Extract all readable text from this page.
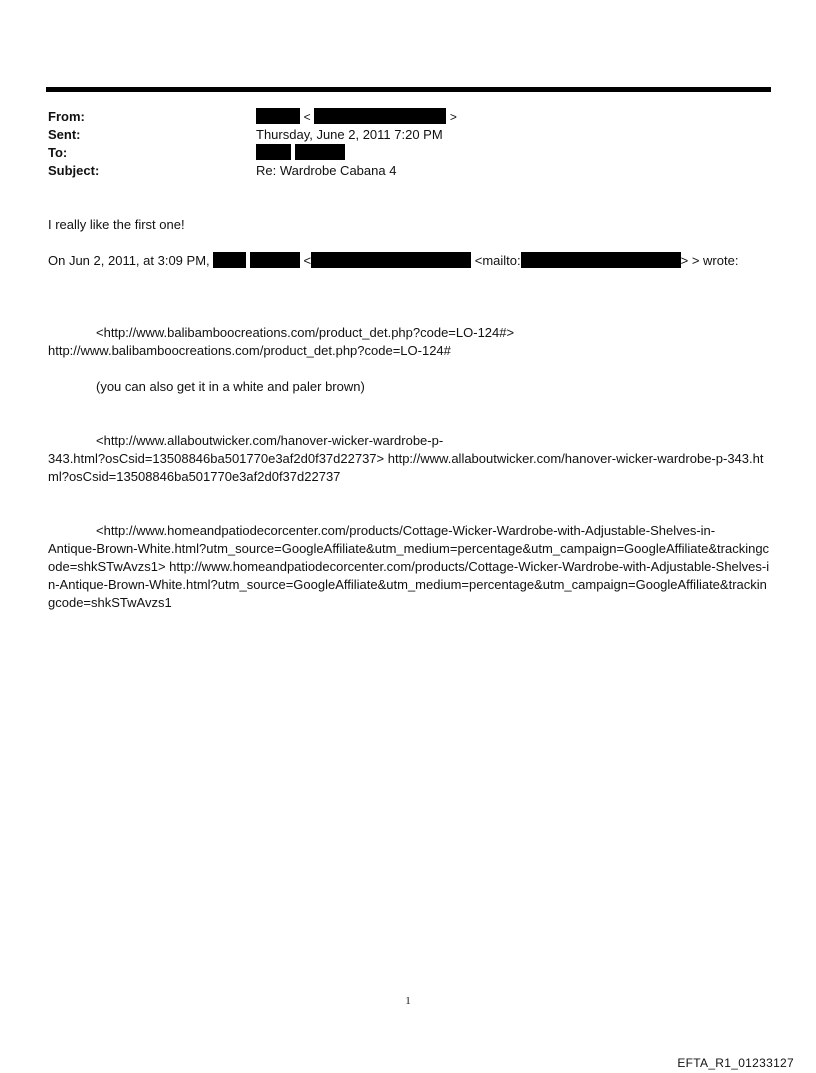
From:	<	>
Sent:	Thursday, June 2, 2011 7:20 PM
To:

Subject:	Re: Wardrobe Cabana 4
I really like the first one!
On Jun 2, 2011, at 3:09 PM,	<	<mailto:	> > wrote:
<http://www.balibamboocreations.com/product_det.php?code=LO-124#>
http://www.balibamboocreations.com/product_det.php?code=LO-124#
(you can also get it in a white and paler brown)
<http://www.allaboutwicker.com/hanover-wicker-wardrobe-p-
343.html?osCsid=13508846ba501770e3af2d0f37d22737> http://www.allaboutwicker.com/hanover-wicker-wardrobe-p-343.html?osCsid=13508846ba501770e3af2d0f37d22737
<http://www.homeandpatiodecorcenter.com/products/Cottage-Wicker-Wardrobe-with-Adjustable-Shelves-in-
Antique-Brown-White.html?utm_source=GoogleAffiliate&utm_medium=percentage&utm_campaign=GoogleAffiliate&trackingcode=shkSTwAvzs1> http://www.homeandpatiodecorcenter.com/products/Cottage-Wicker-Wardrobe-with-Adjustable-Shelves-in-Antique-Brown-White.html?utm_source=GoogleAffiliate&utm_medium=percentage&utm_campaign=GoogleAffiliate&trackingcode=shkSTwAvzs1
1
EFTA_R1_01233127
